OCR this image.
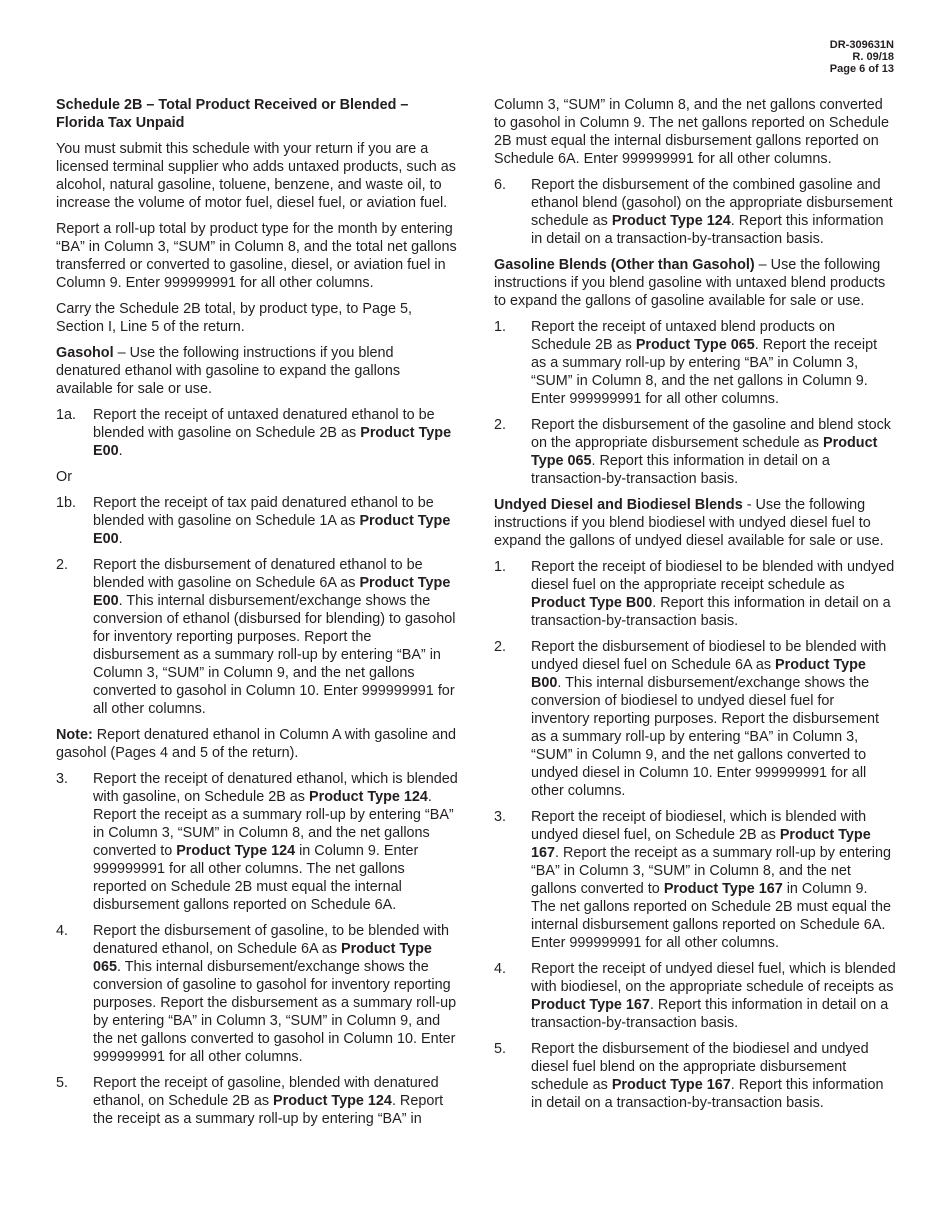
DR-309631N
R. 09/18
Page 6 of 13

Schedule 2B – Total Product Received or Blended –
Florida Tax Unpaid

You must submit this schedule with your return if you are a licensed terminal supplier who adds untaxed products, such as alcohol, natural gasoline, toluene, benzene, and waste oil, to increase the volume of motor fuel, diesel fuel, or aviation fuel.

Report a roll-up total by product type for the month by entering “BA” in Column 3, “SUM” in Column 8, and the total net gallons transferred or converted to gasoline, diesel, or aviation fuel in Column 9. Enter 999999991 for all other columns.

Carry the Schedule 2B total, by product type, to Page 5, Section I, Line 5 of the return.

Gasohol – Use the following instructions if you blend denatured ethanol with gasoline to expand the gallons available for sale or use.

1a.	Report the receipt of untaxed denatured ethanol to be blended with gasoline on Schedule 2B as Product Type E00.

Or

1b.	Report the receipt of tax paid denatured ethanol to be blended with gasoline on Schedule 1A as Product Type E00.
2.	Report the disbursement of denatured ethanol to be blended with gasoline on Schedule 6A as Product Type E00. This internal disbursement/exchange shows the conversion of ethanol (disbursed for blending) to gasohol for inventory reporting purposes. Report the disbursement as a summary roll-up by entering “BA” in Column 3, “SUM” in Column 9, and the net gallons converted to gasohol in Column 10. Enter 999999991 for all other columns.

Note: Report denatured ethanol in Column A with gasoline and gasohol (Pages 4 and 5 of the return).

3.	Report the receipt of denatured ethanol, which is blended with gasoline, on Schedule 2B as Product Type 124. Report the receipt as a summary roll-up by entering “BA” in Column 3, “SUM” in Column 8, and the net gallons converted to Product Type 124 in Column 9. Enter 999999991 for all other columns. The net gallons reported on Schedule 2B must equal the internal disbursement gallons reported on Schedule 6A.
4.	Report the disbursement of gasoline, to be blended with denatured ethanol, on Schedule 6A as Product Type 065. This internal disbursement/exchange shows the conversion of gasoline to gasohol for inventory reporting purposes. Report the disbursement as a summary roll-up by entering “BA” in Column 3, “SUM” in Column 9, and the net gallons converted to gasohol in Column 10. Enter 999999991 for all other columns.
5.	Report the receipt of gasoline, blended with denatured ethanol, on Schedule 2B as Product Type 124. Report the receipt as a summary roll-up by entering “BA” in

Column 3, “SUM” in Column 8, and the net gallons converted to gasohol in Column 9. The net gallons reported on Schedule 2B must equal the internal disbursement gallons reported on Schedule 6A. Enter 999999991 for all other columns.

6.	Report the disbursement of the combined gasoline and ethanol blend (gasohol) on the appropriate disbursement schedule as Product Type 124. Report this information in detail on a transaction-by-transaction basis.

Gasoline Blends (Other than Gasohol) – Use the following instructions if you blend gasoline with untaxed blend products to expand the gallons of gasoline available for sale or use.

1.	Report the receipt of untaxed blend products on Schedule 2B as Product Type 065. Report the receipt as a summary roll-up by entering “BA” in Column 3, “SUM” in Column 8, and the net gallons in Column 9. Enter 999999991 for all other columns.
2.	Report the disbursement of the gasoline and blend stock on the appropriate disbursement schedule as Product Type 065. Report this information in detail on a transaction-by-transaction basis.

Undyed Diesel and Biodiesel Blends - Use the following instructions if you blend biodiesel with undyed diesel fuel to expand the gallons of undyed diesel available for sale or use.

1.	Report the receipt of biodiesel to be blended with undyed diesel fuel on the appropriate receipt schedule as Product Type B00. Report this information in detail on a transaction-by-transaction basis.
2.	Report the disbursement of biodiesel to be blended with undyed diesel fuel on Schedule 6A as Product Type B00. This internal disbursement/exchange shows the conversion of biodiesel to undyed diesel fuel for inventory reporting purposes. Report the disbursement as a summary roll-up by entering “BA” in Column 3, “SUM” in Column 9, and the net gallons converted to undyed diesel in Column 10. Enter 999999991 for all other columns.
3.	Report the receipt of biodiesel, which is blended with undyed diesel fuel, on Schedule 2B as Product Type 167. Report the receipt as a summary roll-up by entering “BA” in Column 3, “SUM” in Column 8, and the net gallons converted to Product Type 167 in Column 9. The net gallons reported on Schedule 2B must equal the internal disbursement gallons reported on Schedule 6A. Enter 999999991 for all other columns.
4.	Report the receipt of undyed diesel fuel, which is blended with biodiesel, on the appropriate schedule of receipts as Product Type 167. Report this information in detail on a transaction-by-transaction basis.
5.	Report the disbursement of the biodiesel and undyed diesel fuel blend on the appropriate disbursement schedule as Product Type 167. Report this information in detail on a transaction-by-transaction basis.
